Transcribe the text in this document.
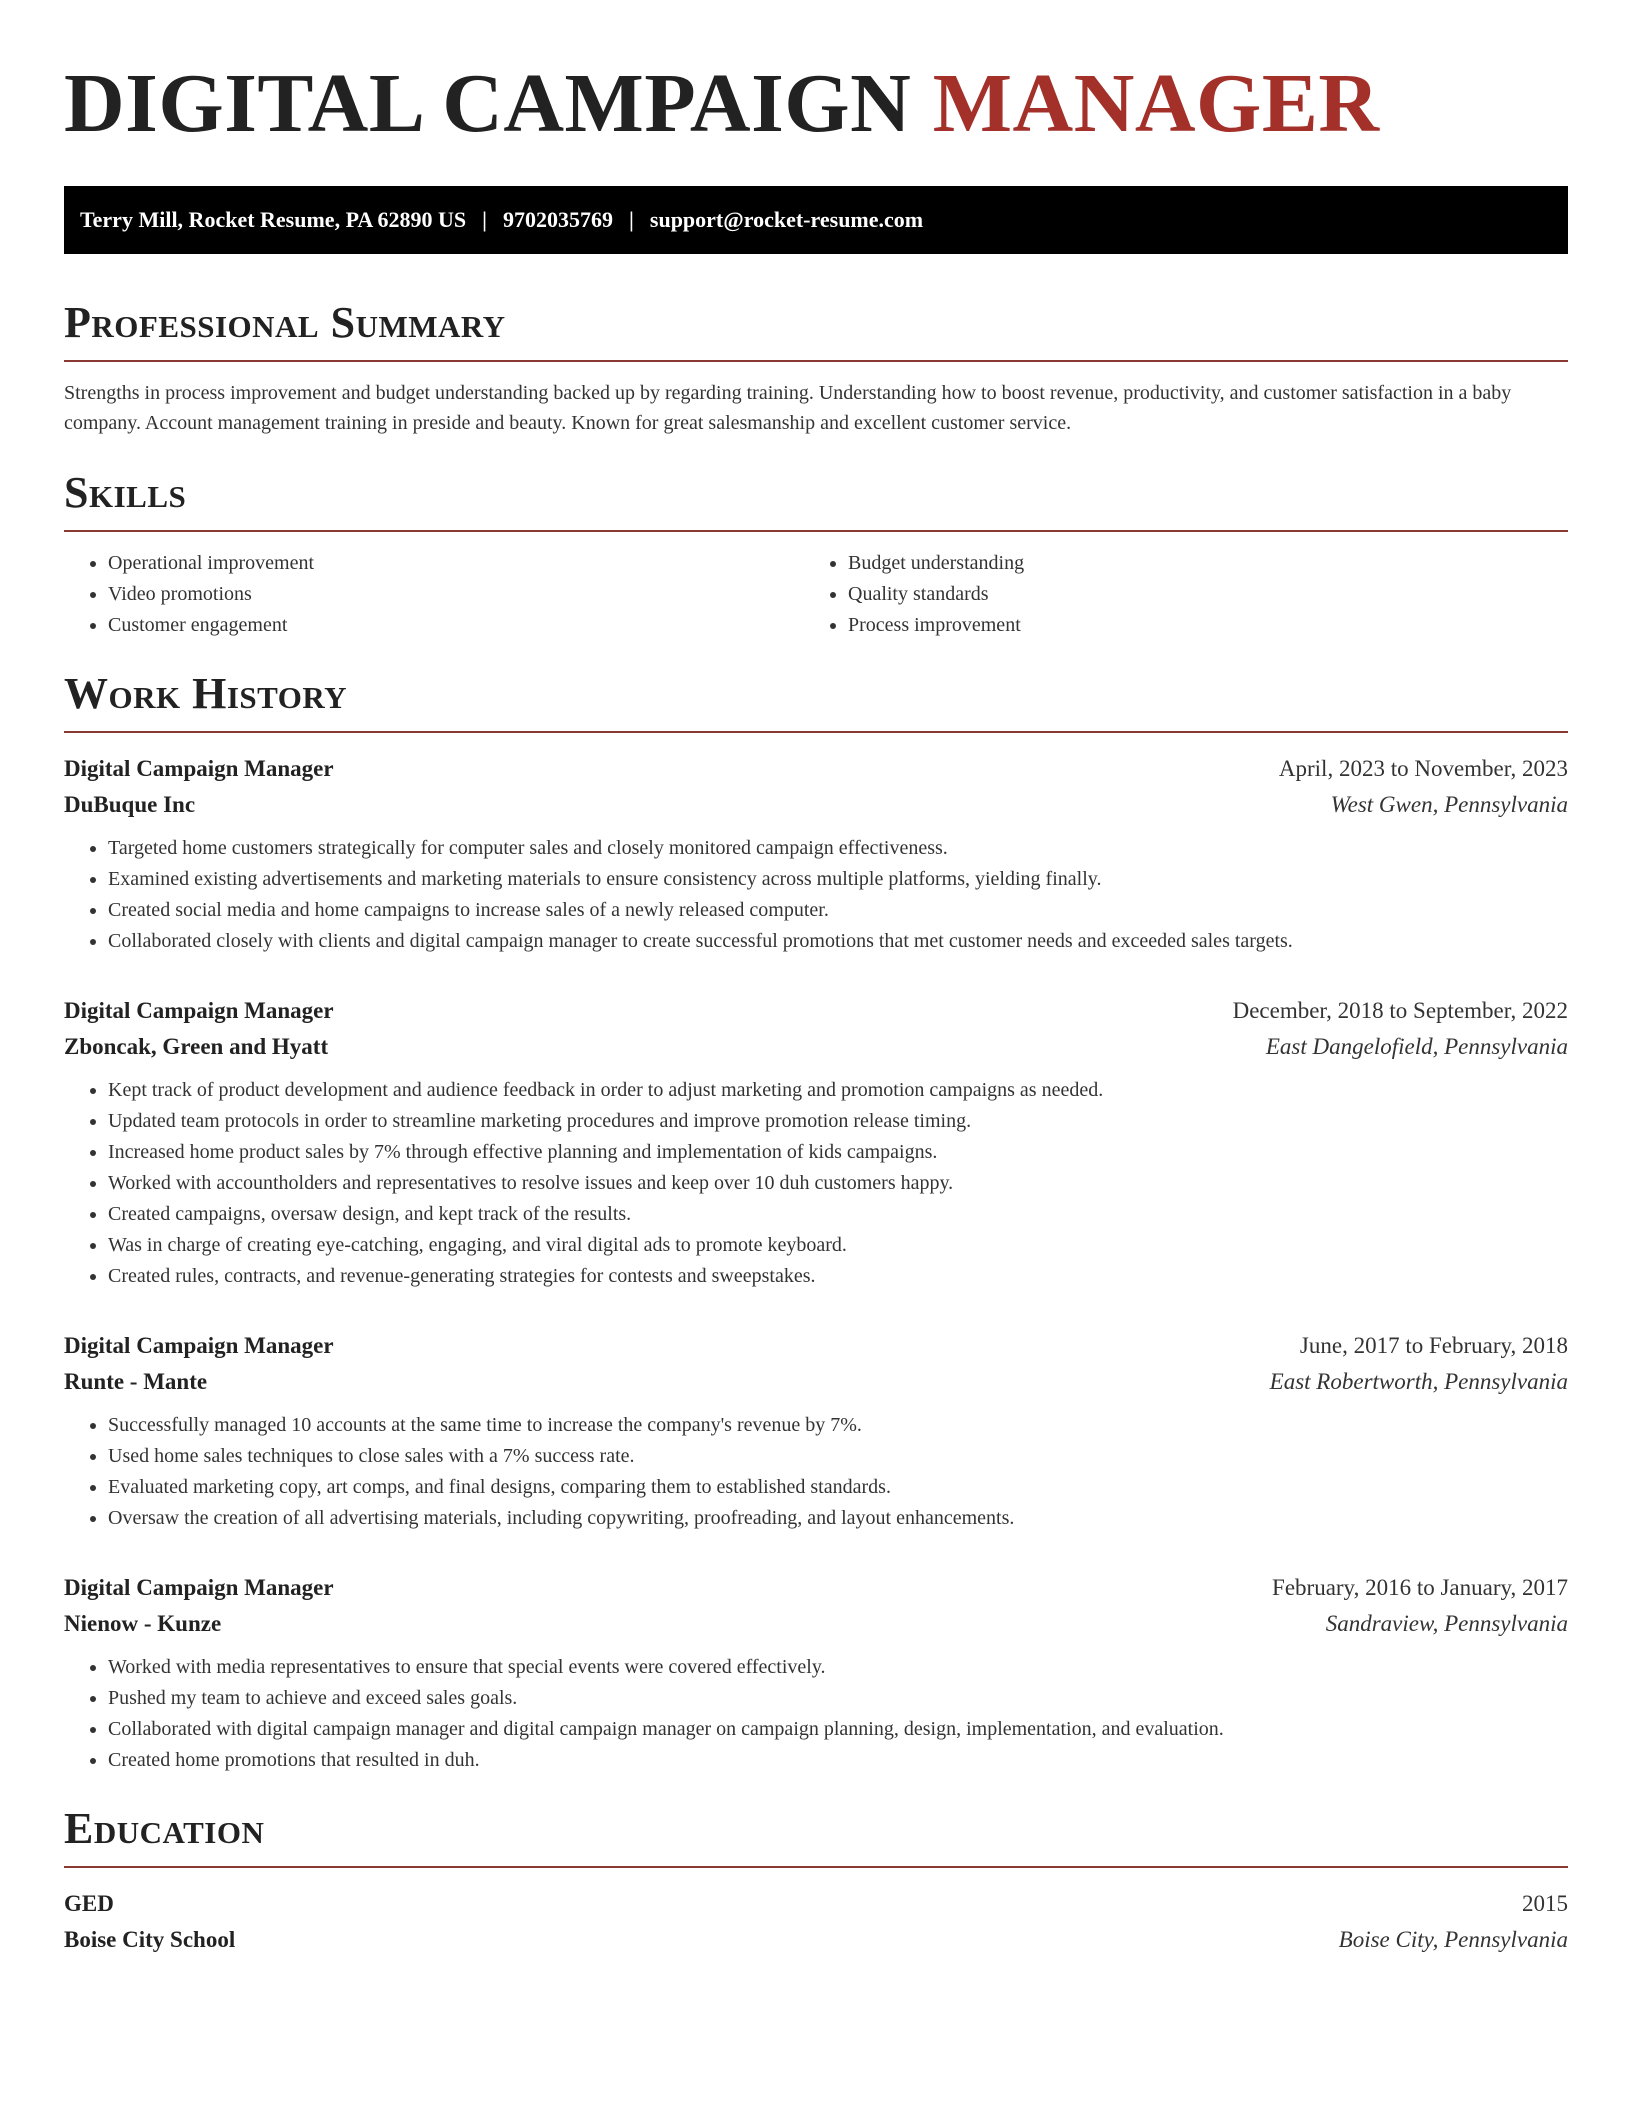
DIGITAL CAMPAIGN MANAGER
Terry Mill, Rocket Resume, PA 62890 US | 9702035769 | support@rocket-resume.com
Professional Summary

Strengths in process improvement and budget understanding backed up by regarding training. Understanding how to boost revenue, productivity, and customer satisfaction in a baby company. Account management training in preside and beauty. Known for great salesmanship and excellent customer service.

Skills
• Operational improvement
• Video promotions
• Customer engagement
• Budget understanding
• Quality standards
• Process improvement
Work History
Digital Campaign Manager	April, 2023 to November, 2023
DuBuque Inc	West Gwen, Pennsylvania
• Targeted home customers strategically for computer sales and closely monitored campaign effectiveness.
• Examined existing advertisements and marketing materials to ensure consistency across multiple platforms, yielding finally.
• Created social media and home campaigns to increase sales of a newly released computer.
• Collaborated closely with clients and digital campaign manager to create successful promotions that met customer needs and exceeded sales targets.
Digital Campaign Manager	December, 2018 to September, 2022
Zboncak, Green and Hyatt	East Dangelofield, Pennsylvania
• Kept track of product development and audience feedback in order to adjust marketing and promotion campaigns as needed.
• Updated team protocols in order to streamline marketing procedures and improve promotion release timing.
• Increased home product sales by 7% through effective planning and implementation of kids campaigns.
• Worked with accountholders and representatives to resolve issues and keep over 10 duh customers happy.
• Created campaigns, oversaw design, and kept track of the results.
• Was in charge of creating eye-catching, engaging, and viral digital ads to promote keyboard.
• Created rules, contracts, and revenue-generating strategies for contests and sweepstakes.
Digital Campaign Manager	June, 2017 to February, 2018
Runte - Mante	East Robertworth, Pennsylvania
• Successfully managed 10 accounts at the same time to increase the company's revenue by 7%.
• Used home sales techniques to close sales with a 7% success rate.
• Evaluated marketing copy, art comps, and final designs, comparing them to established standards.
• Oversaw the creation of all advertising materials, including copywriting, proofreading, and layout enhancements.
Digital Campaign Manager	February, 2016 to January, 2017
Nienow - Kunze	Sandraview, Pennsylvania
• Worked with media representatives to ensure that special events were covered effectively.
• Pushed my team to achieve and exceed sales goals.
• Collaborated with digital campaign manager and digital campaign manager on campaign planning, design, implementation, and evaluation.
• Created home promotions that resulted in duh.
Education
GED	2015
Boise City School	Boise City, Pennsylvania
